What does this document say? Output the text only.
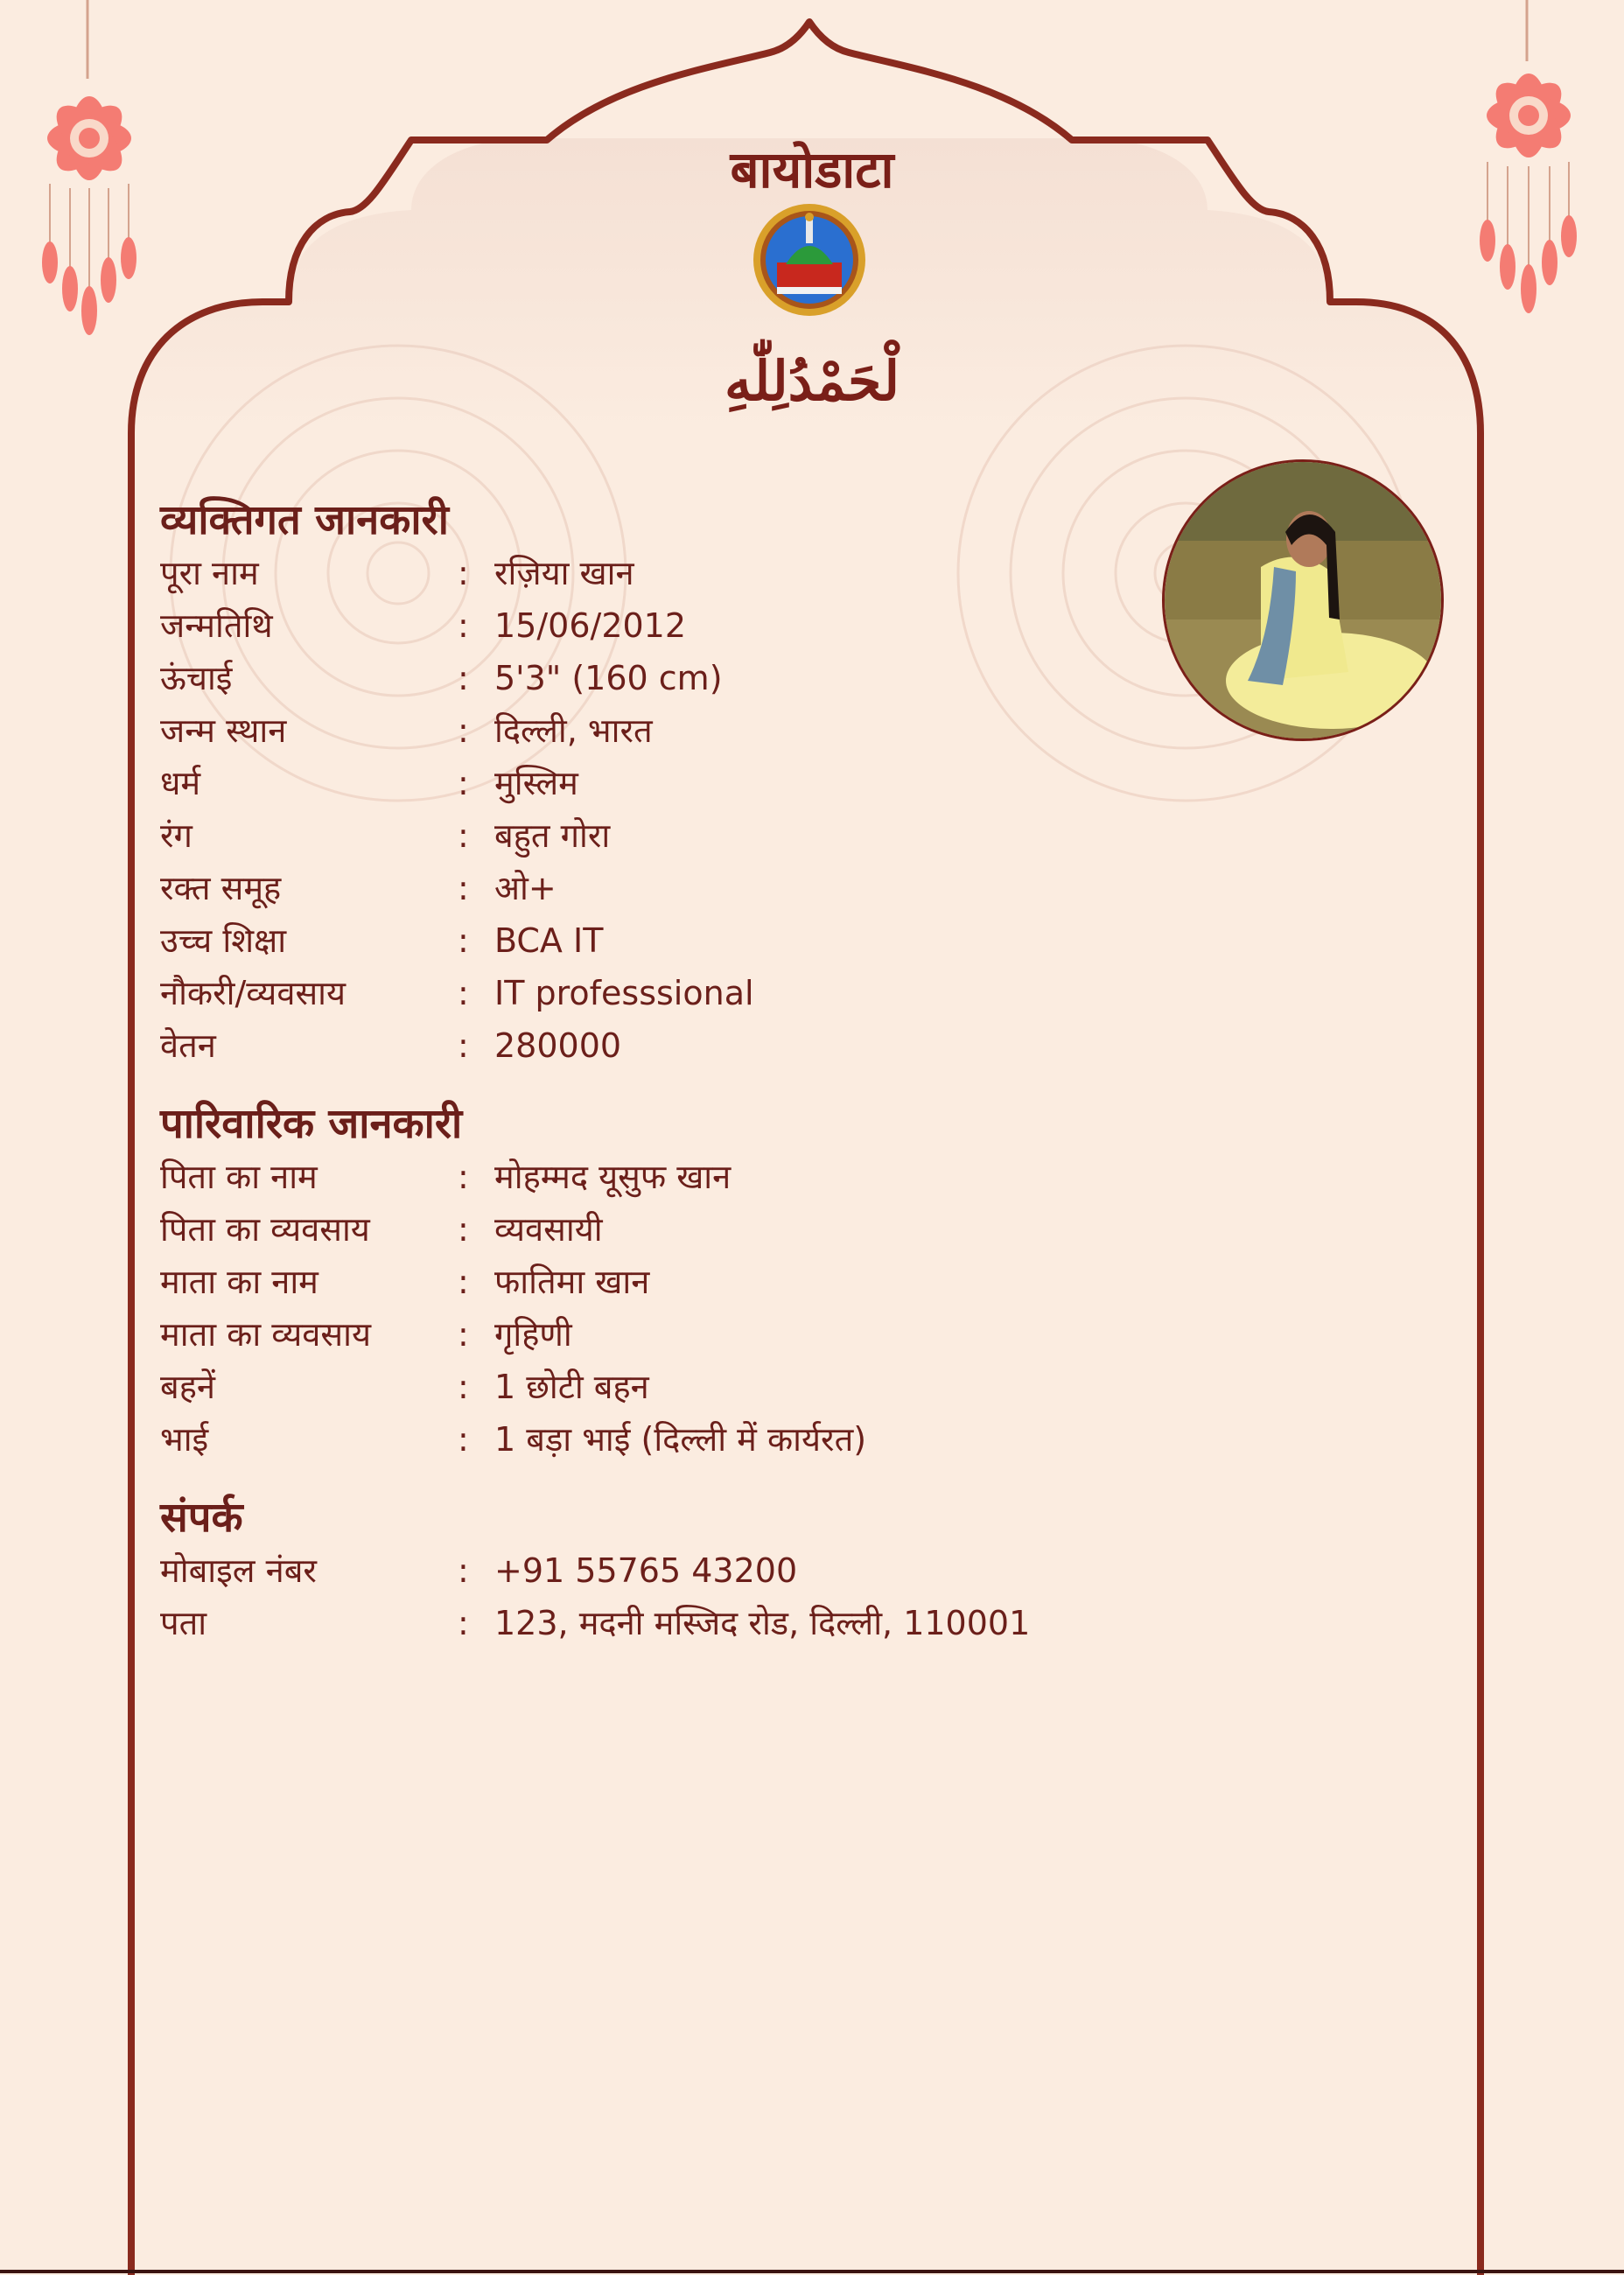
बायोडाटा
لْحَمْدُلِلّٰهِ
व्यक्तिगत जानकारी
पूरा नाम	: रज़िया खान
जन्मतिथि	: 15/06/2012
ऊंचाई	: 5'3" (160 cm)
जन्म स्थान	: दिल्ली, भारत
धर्म	: मुस्लिम
रंग	: बहुत गोरा
रक्त समूह	: ओ+
उच्च शिक्षा	: BCA IT
नौकरी/व्यवसाय	: IT professsional
वेतन	: 280000
पारिवारिक जानकारी
पिता का नाम	: मोहम्मद यूसुफ खान
पिता का व्यवसाय	: व्यवसायी
माता का नाम	: फातिमा खान
माता का व्यवसाय	: गृहिणी
बहनें	: 1 छोटी बहन
भाई	: 1 बड़ा भाई (दिल्ली में कार्यरत)
संपर्क
मोबाइल नंबर	: +91 55765 43200
पता	: 123, मदनी मस्जिद रोड, दिल्ली, 110001
